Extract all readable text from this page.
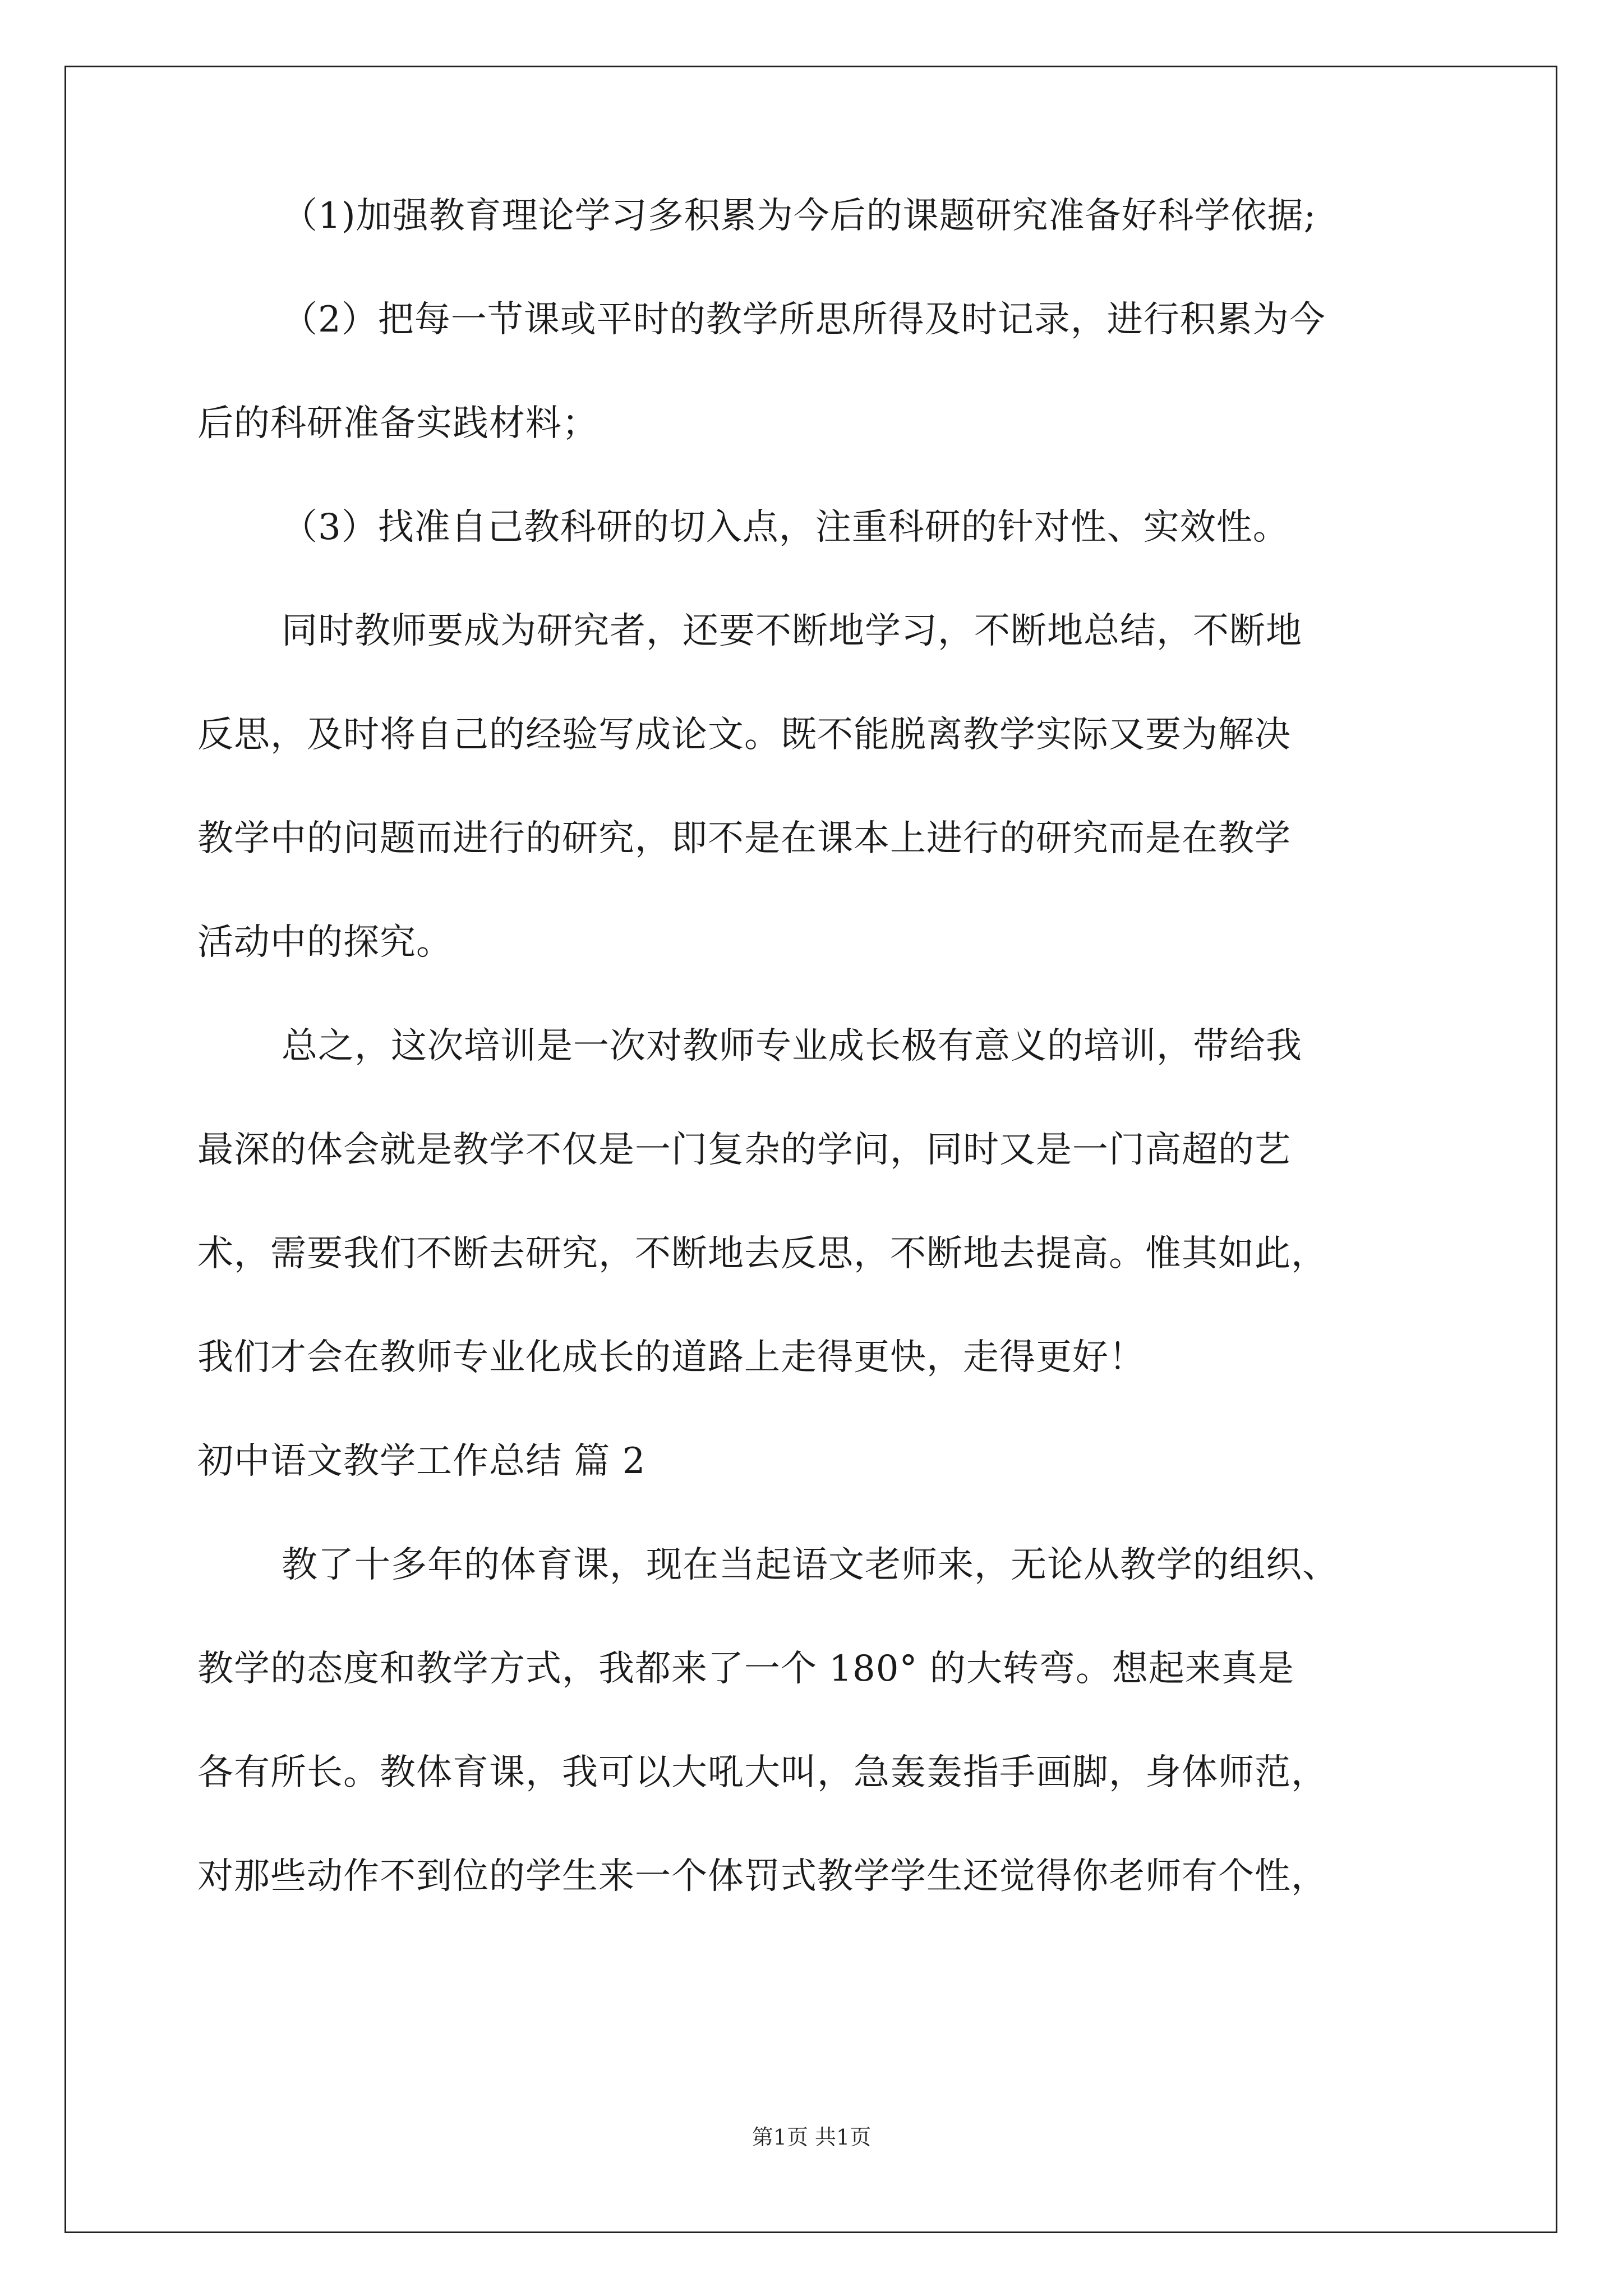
（1)加强教育理论学习多积累为今后的课题研究准备好科学依据;
（2）把每一节课或平时的教学所思所得及时记录，进行积累为今
后的科研准备实践材料；
（3）找准自己教科研的切入点，注重科研的针对性、实效性。
同时教师要成为研究者，还要不断地学习，不断地总结，不断地
反思，及时将自己的经验写成论文。既不能脱离教学实际又要为解决
教学中的问题而进行的研究，即不是在课本上进行的研究而是在教学
活动中的探究。
总之，这次培训是一次对教师专业成长极有意义的培训，带给我
最深的体会就是教学不仅是一门复杂的学问，同时又是一门高超的艺
术，需要我们不断去研究，不断地去反思，不断地去提高。惟其如此，
我们才会在教师专业化成长的道路上走得更快，走得更好！
初中语文教学工作总结 篇 2
教了十多年的体育课，现在当起语文老师来，无论从教学的组织、
教学的态度和教学方式，我都来了一个 180° 的大转弯。想起来真是
各有所长。教体育课，我可以大吼大叫，急轰轰指手画脚，身体师范，
对那些动作不到位的学生来一个体罚式教学学生还觉得你老师有个性，
第1页 共1页
